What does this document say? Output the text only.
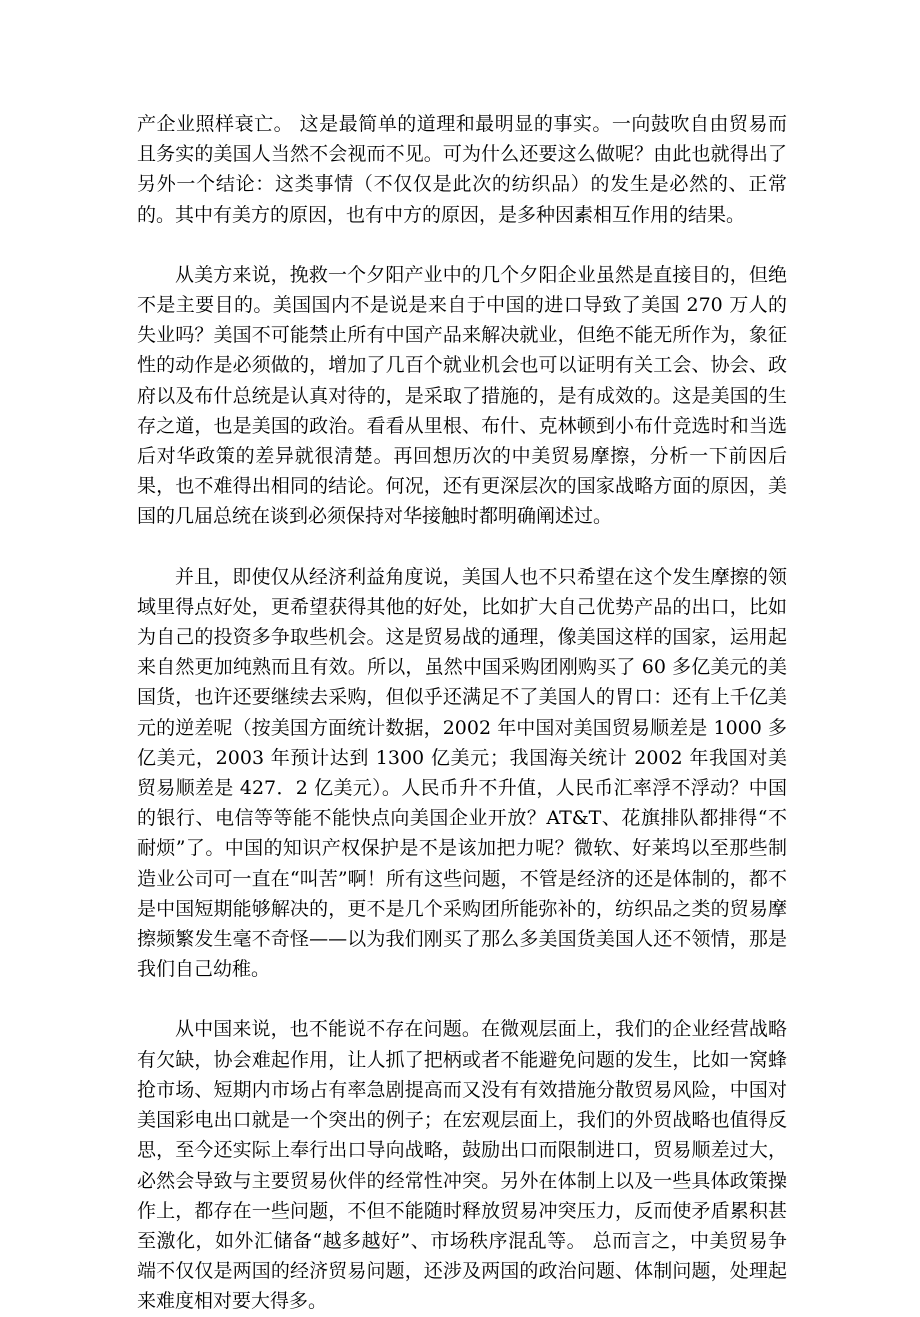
产企业照样衰亡。 这是最简单的道理和最明显的事实。一向鼓吹自由贸易而且务实的美国人当然不会视而不见。可为什么还要这么做呢？由此也就得出了另外一个结论：这类事情（不仅仅是此次的纺织品）的发生是必然的、正常的。其中有美方的原因，也有中方的原因，是多种因素相互作用的结果。

从美方来说，挽救一个夕阳产业中的几个夕阳企业虽然是直接目的，但绝不是主要目的。美国国内不是说是来自于中国的进口导致了美国 270 万人的失业吗？美国不可能禁止所有中国产品来解决就业，但绝不能无所作为，象征性的动作是必须做的，增加了几百个就业机会也可以证明有关工会、协会、政府以及布什总统是认真对待的，是采取了措施的，是有成效的。这是美国的生存之道，也是美国的政治。看看从里根、布什、克林顿到小布什竞选时和当选后对华政策的差异就很清楚。再回想历次的中美贸易摩擦，分析一下前因后果，也不难得出相同的结论。何况，还有更深层次的国家战略方面的原因，美国的几届总统在谈到必须保持对华接触时都明确阐述过。

并且，即使仅从经济利益角度说，美国人也不只希望在这个发生摩擦的领域里得点好处，更希望获得其他的好处，比如扩大自己优势产品的出口，比如为自己的投资多争取些机会。这是贸易战的通理，像美国这样的国家，运用起来自然更加纯熟而且有效。所以，虽然中国采购团刚购买了 60 多亿美元的美国货，也许还要继续去采购，但似乎还满足不了美国人的胃口：还有上千亿美元的逆差呢（按美国方面统计数据，2002 年中国对美国贸易顺差是 1000 多亿美元，2003 年预计达到 1300 亿美元；我国海关统计 2002 年我国对美贸易顺差是 427．2 亿美元）。人民币升不升值，人民币汇率浮不浮动？中国的银行、电信等等能不能快点向美国企业开放？AT&T、花旗排队都排得“不耐烦”了。中国的知识产权保护是不是该加把力呢？微软、好莱坞以至那些制造业公司可一直在“叫苦”啊！所有这些问题，不管是经济的还是体制的，都不是中国短期能够解决的，更不是几个采购团所能弥补的，纺织品之类的贸易摩擦频繁发生毫不奇怪——以为我们刚买了那么多美国货美国人还不领情，那是我们自己幼稚。

从中国来说，也不能说不存在问题。在微观层面上，我们的企业经营战略有欠缺，协会难起作用，让人抓了把柄或者不能避免问题的发生，比如一窝蜂抢市场、短期内市场占有率急剧提高而又没有有效措施分散贸易风险，中国对美国彩电出口就是一个突出的例子；在宏观层面上，我们的外贸战略也值得反思，至今还实际上奉行出口导向战略，鼓励出口而限制进口，贸易顺差过大，必然会导致与主要贸易伙伴的经常性冲突。另外在体制上以及一些具体政策操作上，都存在一些问题，不但不能随时释放贸易冲突压力，反而使矛盾累积甚至激化，如外汇储备“越多越好”、市场秩序混乱等。 总而言之，中美贸易争端不仅仅是两国的经济贸易问题，还涉及两国的政治问题、体制问题，处理起来难度相对要大得多。
